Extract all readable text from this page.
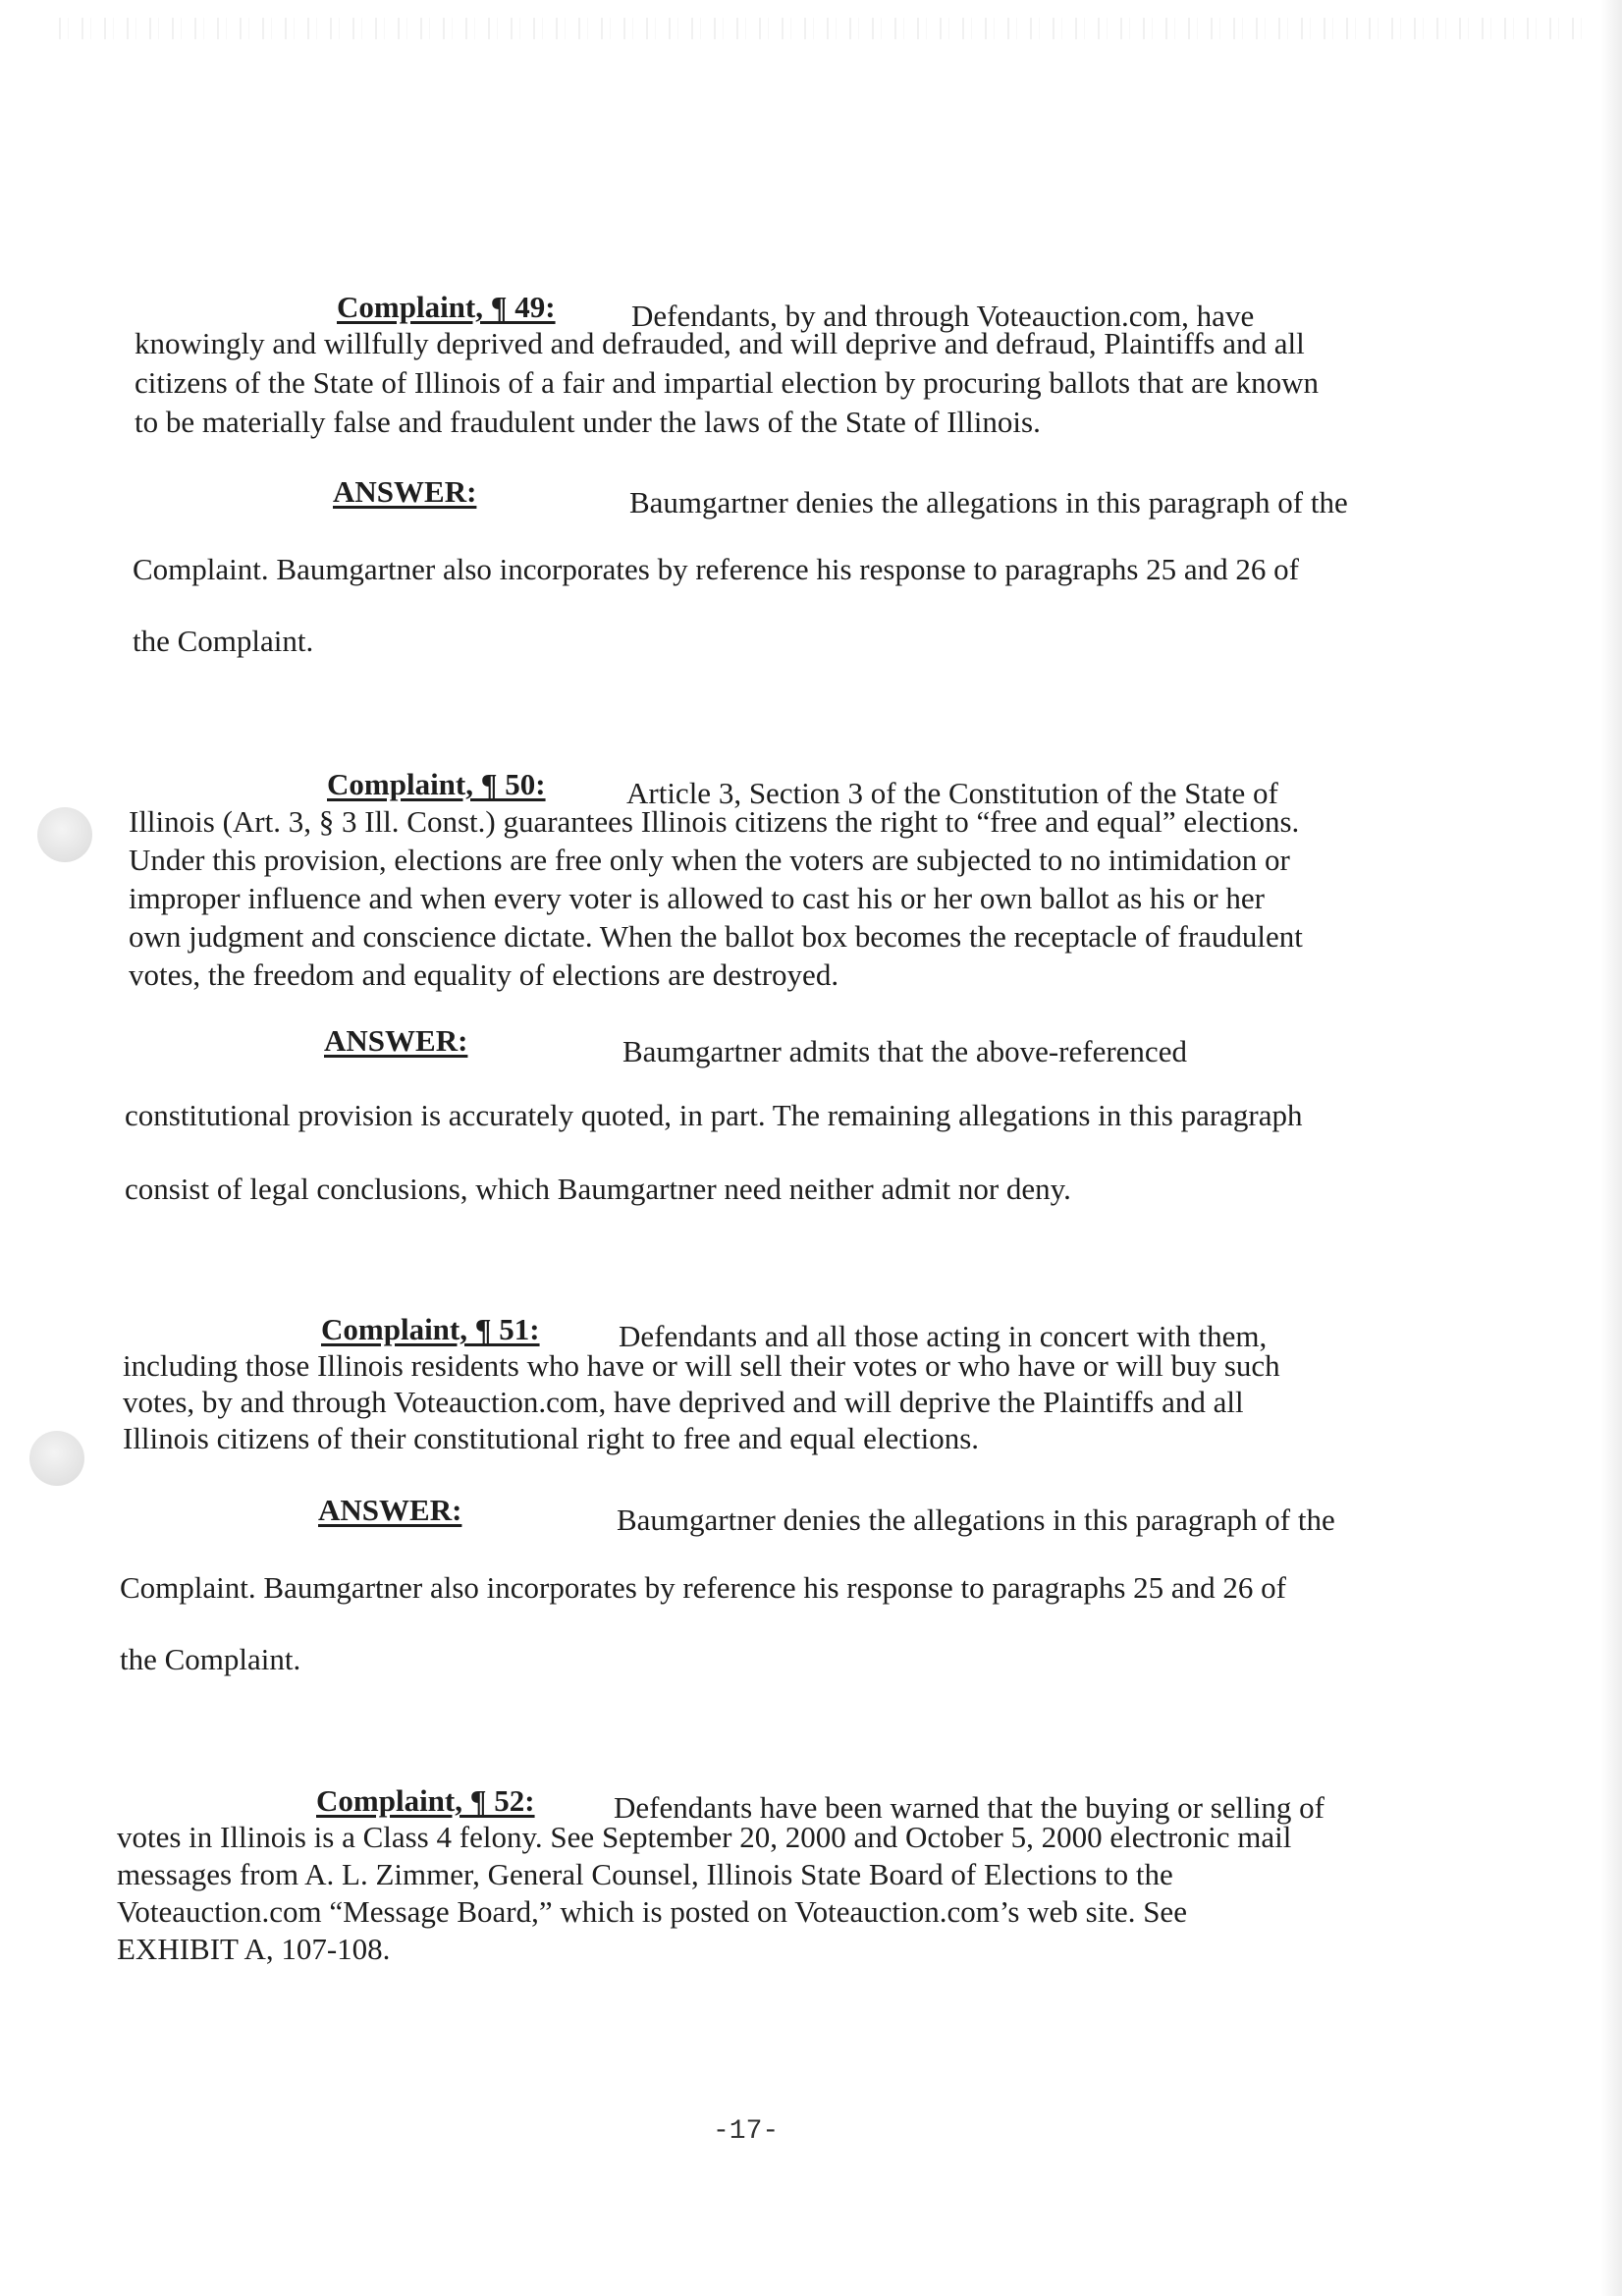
Complaint, ¶ 49: Defendants, by and through Voteauction.com, have
knowingly and willfully deprived and defrauded, and will deprive and defraud, Plaintiffs and all
citizens of the State of Illinois of a fair and impartial election by procuring ballots that are known
to be materially false and fraudulent under the laws of the State of Illinois.
ANSWER:	Baumgartner denies the allegations in this paragraph of the
Complaint. Baumgartner also incorporates by reference his response to paragraphs 25 and 26 of
the Complaint.
Complaint, ¶ 50:	Article 3, Section 3 of the Constitution of the State of
Illinois (Art. 3, § 3 Ill. Const.) guarantees Illinois citizens the right to “free and equal” elections.
Under this provision, elections are free only when the voters are subjected to no intimidation or
improper influence and when every voter is allowed to cast his or her own ballot as his or her
own judgment and conscience dictate. When the ballot box becomes the receptacle of fraudulent
votes, the freedom and equality of elections are destroyed.
ANSWER:	Baumgartner admits that the above-referenced
constitutional provision is accurately quoted, in part. The remaining allegations in this paragraph
consist of legal conclusions, which Baumgartner need neither admit nor deny.
Complaint, ¶ 51:	Defendants and all those acting in concert with them,
including those Illinois residents who have or will sell their votes or who have or will buy such
votes, by and through Voteauction.com, have deprived and will deprive the Plaintiffs and all
Illinois citizens of their constitutional right to free and equal elections.
ANSWER:	Baumgartner denies the allegations in this paragraph of the
Complaint. Baumgartner also incorporates by reference his response to paragraphs 25 and 26 of
the Complaint.
Complaint, ¶ 52:	Defendants have been warned that the buying or selling of
votes in Illinois is a Class 4 felony. See September 20, 2000 and October 5, 2000 electronic mail
messages from A. L. Zimmer, General Counsel, Illinois State Board of Elections to the
Voteauction.com “Message Board,” which is posted on Voteauction.com’s web site. See
EXHIBIT A, 107-108.
-17-
